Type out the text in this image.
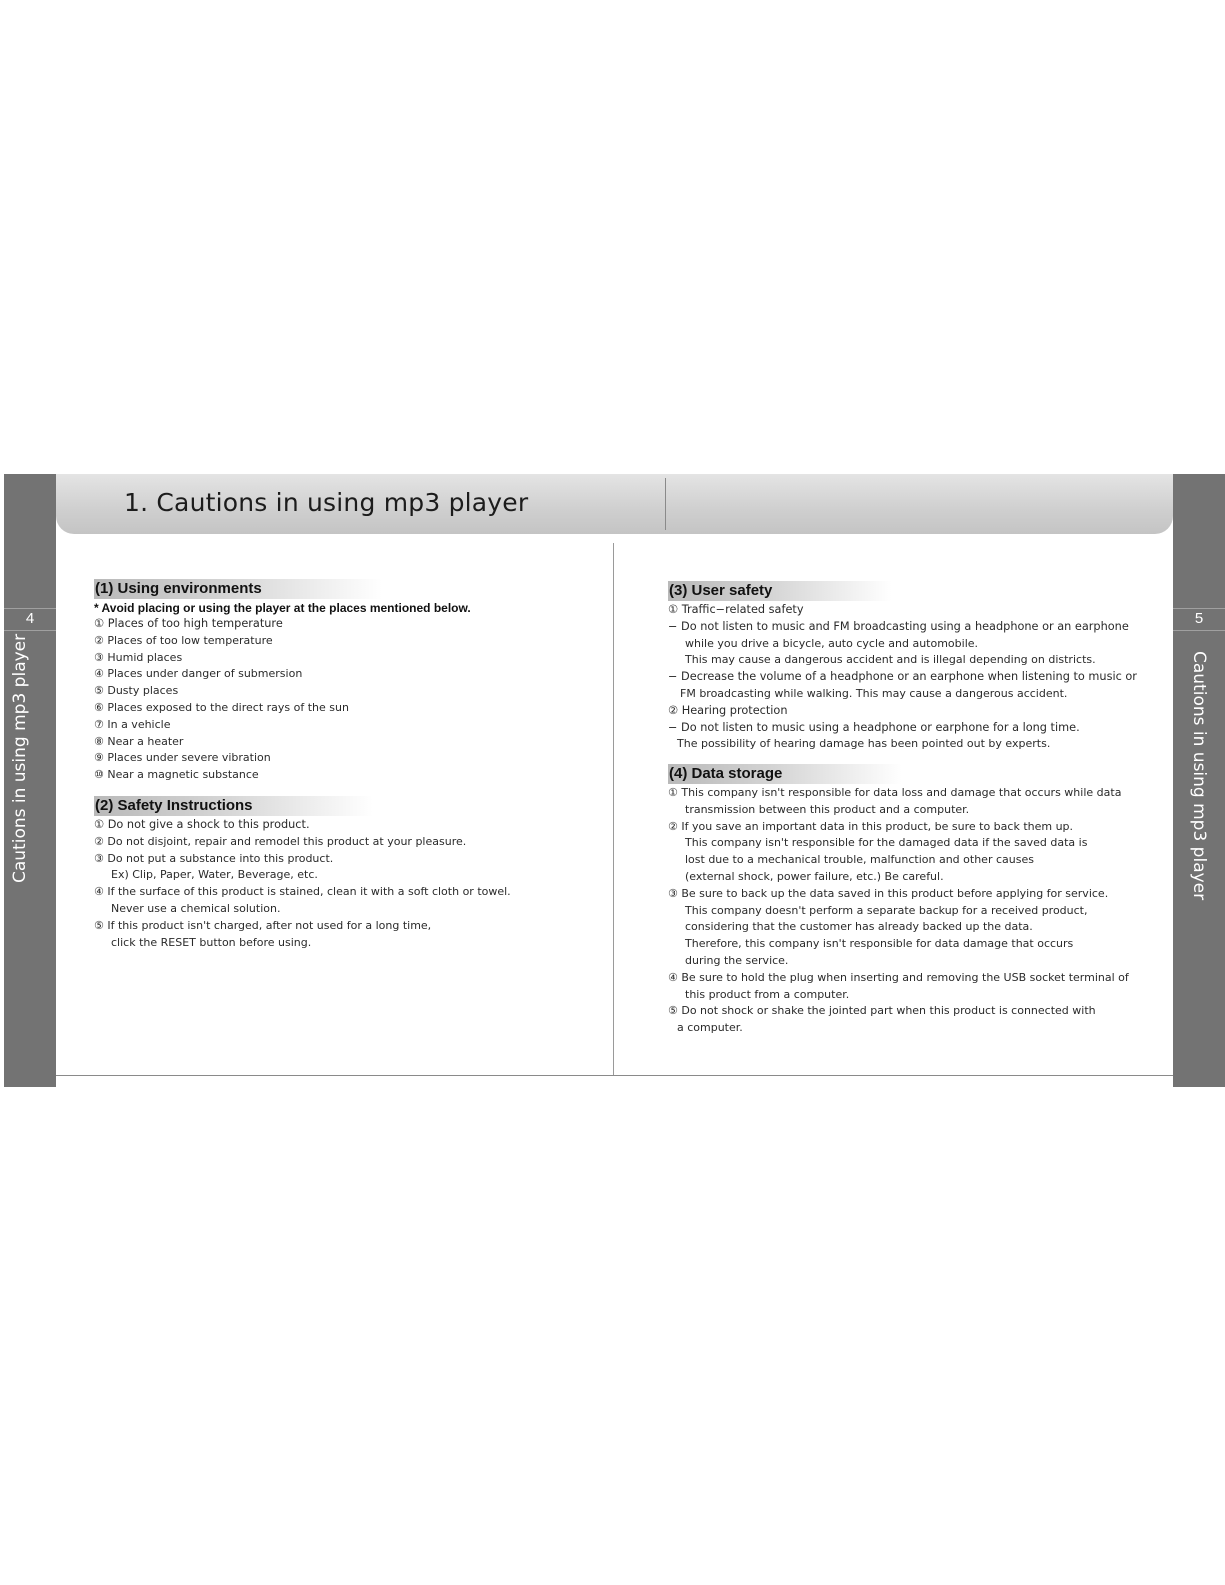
1. Cautions in using mp3 player
4	5
Cautions in using mp3 player	Cautions in using mp3 player
(1) Using environments
* Avoid placing or using the player at the places mentioned below.
① Places of too high temperature
② Places of too low temperature
③ Humid places
④ Places under danger of submersion
⑤ Dusty places
⑥ Places exposed to the direct rays of the sun
⑦ In a vehicle
⑧ Near a heater
⑨ Places under severe vibration
⑩ Near a magnetic substance
(2) Safety Instructions
① Do not give a shock to this product.
② Do not disjoint, repair and remodel this product at your pleasure.
③ Do not put a substance into this product.
Ex) Clip, Paper, Water, Beverage, etc.
④ If the surface of this product is stained, clean it with a soft cloth or towel.
Never use a chemical solution.
⑤ If this product isn't charged, after not used for a long time,
click the RESET button before using.
(3) User safety
① Traffic−related safety
− Do not listen to music and FM broadcasting using a headphone or an earphone
while you drive a bicycle, auto cycle and automobile.
This may cause a dangerous accident and is illegal depending on districts.
− Decrease the volume of a headphone or an earphone when listening to music or
FM broadcasting while walking. This may cause a dangerous accident.
② Hearing protection
− Do not listen to music using a headphone or earphone for a long time.
The possibility of hearing damage has been pointed out by experts.
(4) Data storage
① This company isn't responsible for data loss and damage that occurs while data
transmission between this product and a computer.
② If you save an important data in this product, be sure to back them up.
This company isn't responsible for the damaged data if the saved data is
lost due to a mechanical trouble, malfunction and other causes
(external shock, power failure, etc.) Be careful.
③ Be sure to back up the data saved in this product before applying for service.
This company doesn't perform a separate backup for a received product,
considering that the customer has already backed up the data.
Therefore, this company isn't responsible for data damage that occurs
during the service.
④ Be sure to hold the plug when inserting and removing the USB socket terminal of
this product from a computer.
⑤ Do not shock or shake the jointed part when this product is connected with
a computer.
